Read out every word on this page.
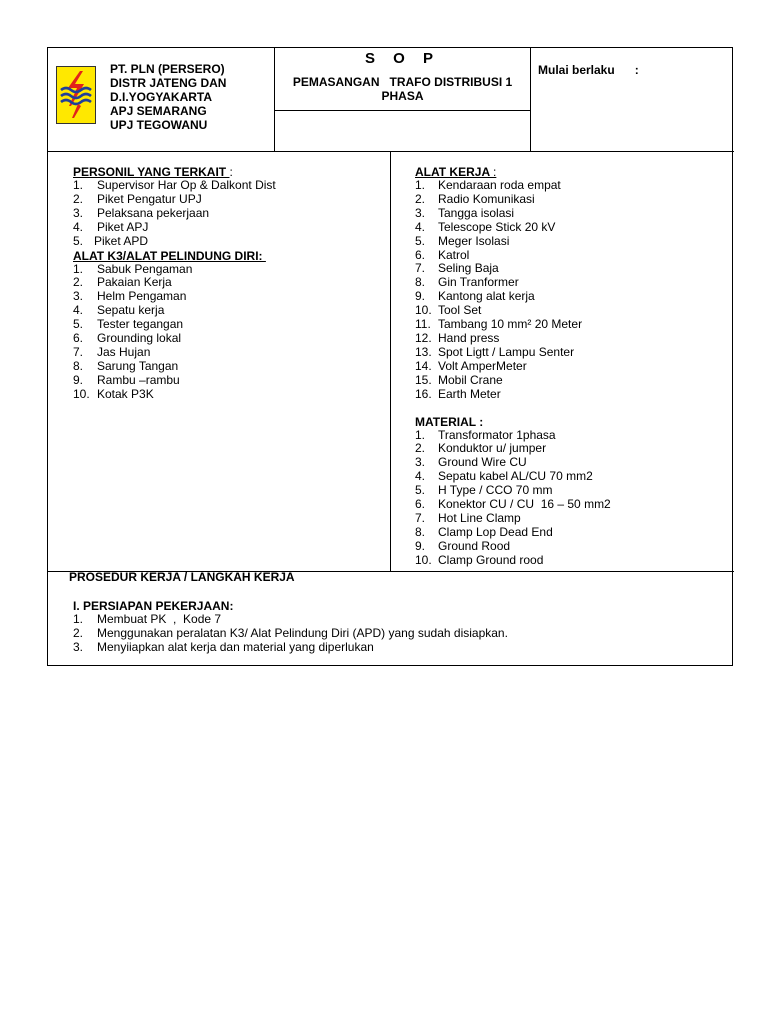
PT. PLN (PERSERO)
DISTR JATENG DAN
D.I.YOGYAKARTA
APJ SEMARANG
UPJ TEGOWANU
S O P
PEMASANGAN   TRAFO DISTRIBUSI 1
PHASA
Mulai berlaku      :
PERSONIL YANG TERKAIT :
1.	Supervisor Har Op & Dalkont Dist
2.	Piket Pengatur UPJ
3.	Pelaksana pekerjaan
4.	Piket APJ
5. Piket APD
ALAT K3/ALAT PELINDUNG DIRI:
1.	Sabuk Pengaman
2.	Pakaian Kerja
3.	Helm Pengaman
4.	Sepatu kerja
5.	Tester tegangan
6.	Grounding lokal
7.	Jas Hujan
8.	Sarung Tangan
9.	Rambu –rambu
10. Kotak P3K
ALAT KERJA :
1.	Kendaraan roda empat
2.	Radio Komunikasi
3.	Tangga isolasi
4.	Telescope Stick 20 kV
5.	Meger Isolasi
6.	Katrol
7.	Seling Baja
8.	Gin Tranformer
9.	Kantong alat kerja
10. Tool Set
11. Tambang 10 mm² 20 Meter
12. Hand press
13. Spot Ligtt / Lampu Senter
14. Volt AmperMeter
15. Mobil Crane
16. Earth Meter
MATERIAL :
1.	Transformator 1phasa
2.	Konduktor u/ jumper
3.	Ground Wire CU
4.	Sepatu kabel AL/CU 70 mm2
5.	H Type / CCO 70 mm
6.	Konektor CU / CU  16 – 50 mm2
7.	Hot Line Clamp
8.	Clamp Lop Dead End
9.	Ground Rood
10. Clamp Ground rood
PROSEDUR KERJA / LANGKAH KERJA
I. PERSIAPAN PEKERJAAN:
1.	Membuat PK  ,  Kode 7
2.	Menggunakan peralatan K3/ Alat Pelindung Diri (APD) yang sudah disiapkan.
3.	Menyiiapkan alat kerja dan material yang diperlukan
